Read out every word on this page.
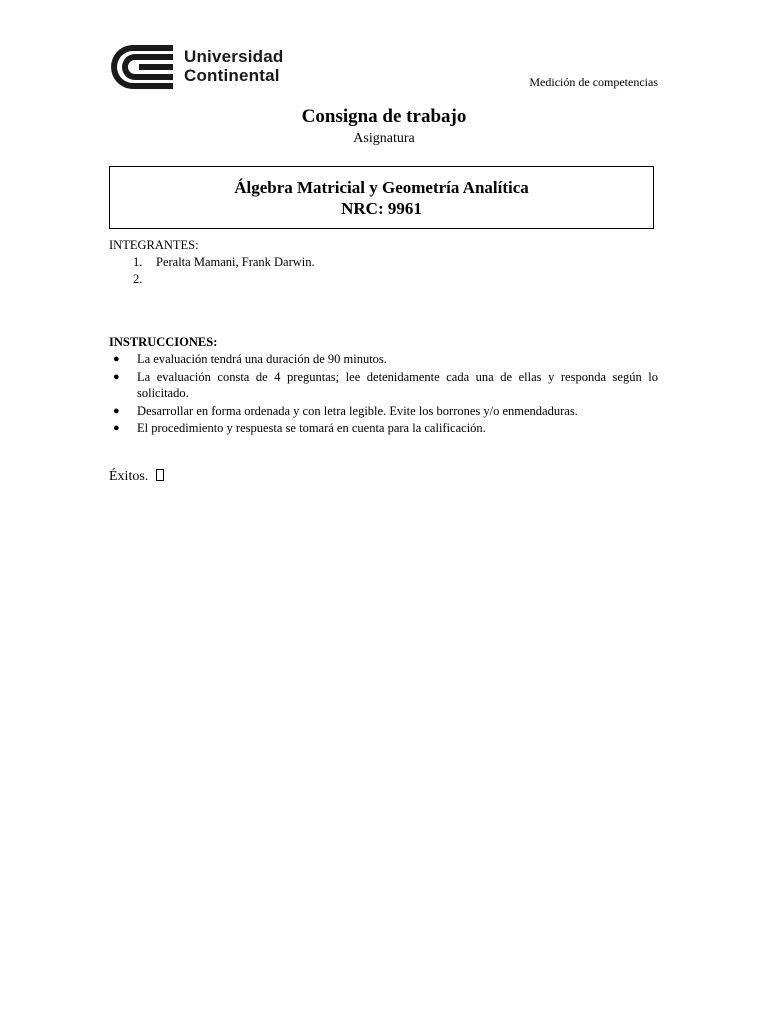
Universidad
Continental	Medición de competencias
Consigna de trabajo
Asignatura
Álgebra Matricial y Geometría Analítica
NRC: 9961
INTEGRANTES:
1. Peralta Mamani, Frank Darwin.
2.
INSTRUCCIONES:
● La evaluación tendrá una duración de 90 minutos.
● La evaluación consta de 4 preguntas; lee detenidamente cada una de ellas y responda según lo solicitado.
● Desarrollar en forma ordenada y con letra legible. Evite los borrones y/o enmendaduras.
● El procedimiento y respuesta se tomará en cuenta para la calificación.
Éxitos.
